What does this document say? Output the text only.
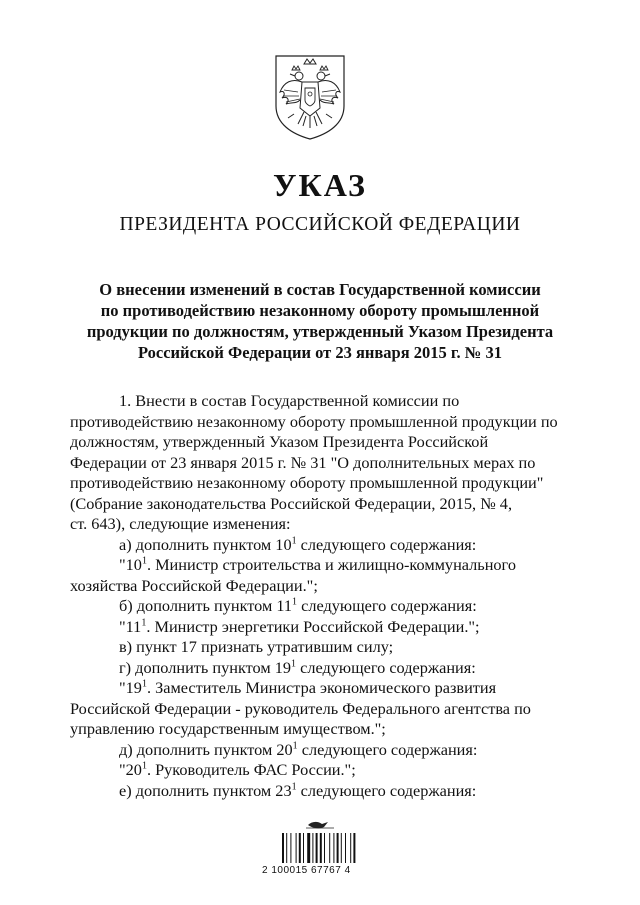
УКАЗ
ПРЕЗИДЕНТА РОССИЙСКОЙ ФЕДЕРАЦИИ
О внесении изменений в состав Государственной комиссии
по противодействию незаконному обороту промышленной
продукции по должностям, утвержденный Указом Президента
Российской Федерации от 23 января 2015 г. № 31
1. Внести в состав Государственной комиссии по
противодействию незаконному обороту промышленной продукции по
должностям, утвержденный Указом Президента Российской
Федерации от 23 января 2015 г. № 31 "О дополнительных мерах по
противодействию незаконному обороту промышленной продукции"
(Собрание законодательства Российской Федерации, 2015, № 4,
ст. 643), следующие изменения:
а) дополнить пунктом $10^1$ следующего содержания:
"$10^1$. Министр строительства и жилищно-коммунального
хозяйства Российской Федерации.";
б) дополнить пунктом $11^1$ следующего содержания:
"$11^1$. Министр энергетики Российской Федерации.";
в) пункт 17 признать утратившим силу;
г) дополнить пунктом $19^1$ следующего содержания:
"$19^1$. Заместитель Министра экономического развития
Российской Федерации - руководитель Федерального агентства по
управлению государственным имуществом.";
д) дополнить пунктом $20^1$ следующего содержания:
"$20^1$. Руководитель ФАС России.";
е) дополнить пунктом $23^1$ следующего содержания:
2 100015 67767 4
